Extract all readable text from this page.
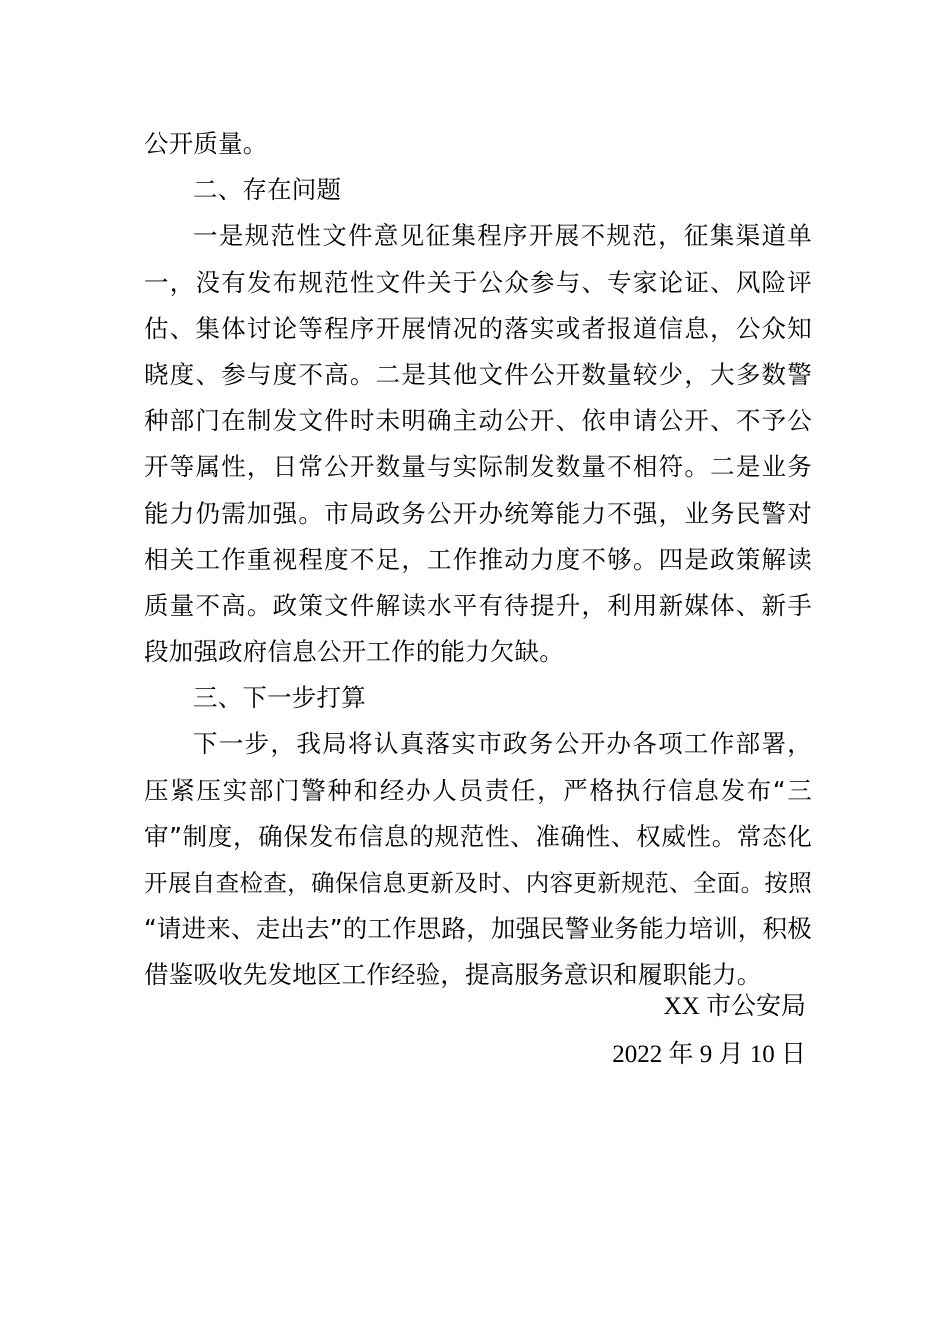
公开质量。
二、存在问题
一是规范性文件意见征集程序开展不规范，征集渠道单
一，没有发布规范性文件关于公众参与、专家论证、风险评
估、集体讨论等程序开展情况的落实或者报道信息，公众知
晓度、参与度不高。二是其他文件公开数量较少，大多数警
种部门在制发文件时未明确主动公开、依申请公开、不予公
开等属性，日常公开数量与实际制发数量不相符。二是业务
能力仍需加强。市局政务公开办统筹能力不强，业务民警对
相关工作重视程度不足，工作推动力度不够。四是政策解读
质量不高。政策文件解读水平有待提升，利用新媒体、新手
段加强政府信息公开工作的能力欠缺。
三、下一步打算
下一步，我局将认真落实市政务公开办各项工作部署，
压紧压实部门警种和经办人员责任，严格执行信息发布“三
审”制度，确保发布信息的规范性、准确性、权威性。常态化
开展自查检查，确保信息更新及时、内容更新规范、全面。按照
“请进来、走出去”的工作思路，加强民警业务能力培训，积极
借鉴吸收先发地区工作经验，提高服务意识和履职能力。
XX 市公安局
2022 年 9 月 10 日
